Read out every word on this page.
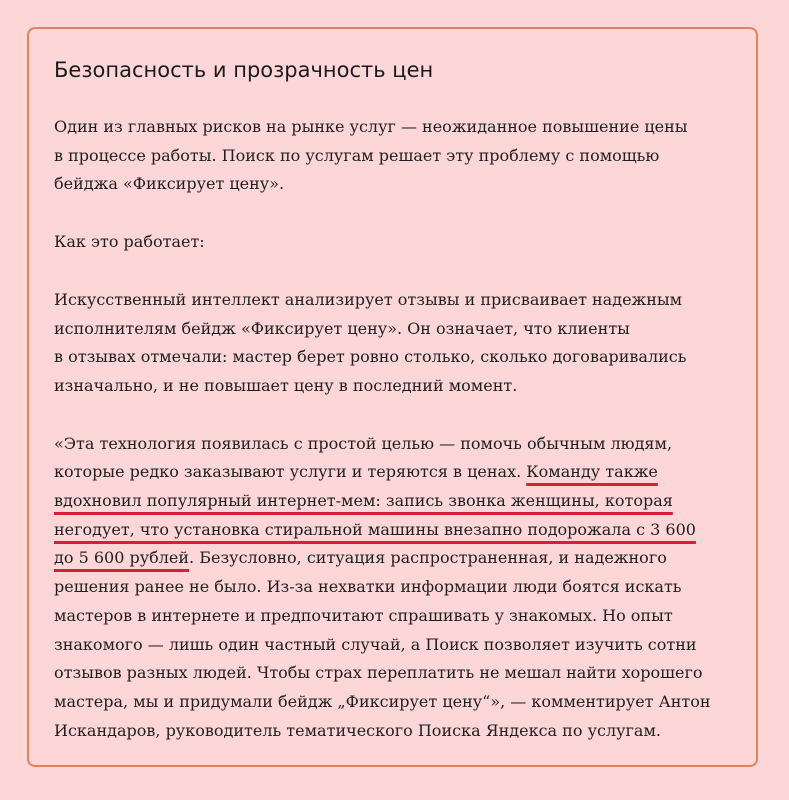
Безопасность и прозрачность цен
Один из главных рисков на рынке услуг — неожиданное повышение цены
в процессе работы. Поиск по услугам решает эту проблему с помощью
бейджа «Фиксирует цену».
Как это работает:
Искусственный интеллект анализирует отзывы и присваивает надежным
исполнителям бейдж «Фиксирует цену». Он означает, что клиенты
в отзывах отмечали: мастер берет ровно столько, сколько договаривались
изначально, и не повышает цену в последний момент.
«Эта технология появилась с простой целью — помочь обычным людям,
которые редко заказывают услуги и теряются в ценах. Команду также
вдохновил популярный интернет-мем: запись звонка женщины, которая
негодует, что установка стиральной машины внезапно подорожала с 3 600
до 5 600 рублей. Безусловно, ситуация распространенная, и надежного
решения ранее не было. Из-за нехватки информации люди боятся искать
мастеров в интернете и предпочитают спрашивать у знакомых. Но опыт
знакомого — лишь один частный случай, а Поиск позволяет изучить сотни
отзывов разных людей. Чтобы страх переплатить не мешал найти хорошего
мастера, мы и придумали бейдж „Фиксирует цену“», — комментирует Антон
Искандаров, руководитель тематического Поиска Яндекса по услугам.
